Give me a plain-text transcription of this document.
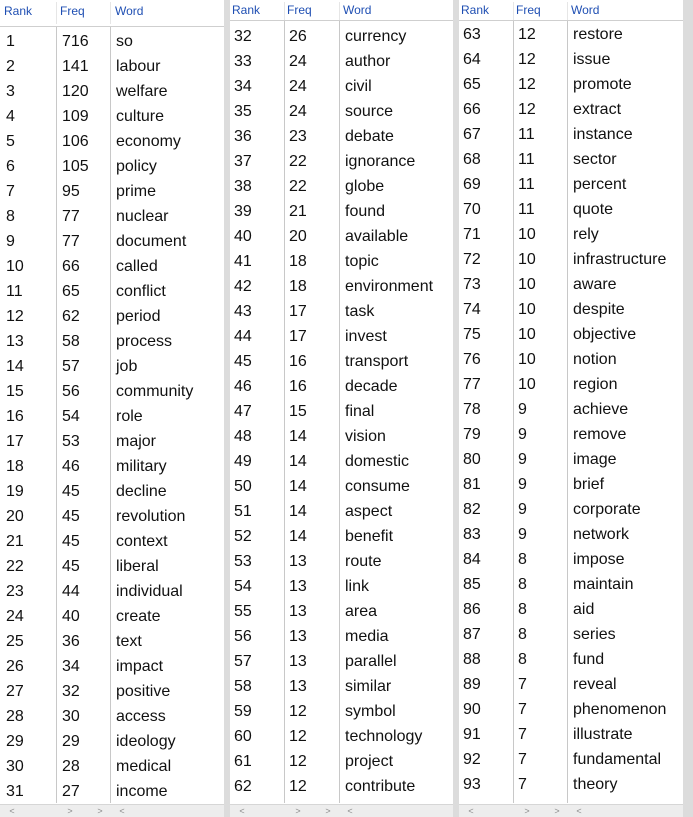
Rank Freq	Word
1	716 so
2	141 labour
3	120 welfare
4	109 culture
5	106 economy
6	105 policy
7	95 prime
8	77 nuclear
9	77 document
10 66 called
11 65 conflict
12 62 period
13 58 process
14 57 job
15 56 community
16 54 role
17 53 major
18 46 military
19 45 decline
20 45 revolution
21 45 context
22 45 liberal
23 44 individual
24 40 create
25 36 text
26 34 impact
27 32 positive
28 30 access
29 29 ideology
30 28 medical
31 27 income
<	>	>	<
Rank Freq	Word
32 26 currency
33 24 author
34 24 civil
35 24 source
36 23 debate
37 22 ignorance
38 22 globe
39 21 found
40 20 available
41 18 topic
42 18 environment
43 17 task
44 17 invest
45 16 transport
46 16 decade
47 15 final
48 14 vision
49 14 domestic
50 14 consume
51 14 aspect
52 14 benefit
53 13 route
54 13 link
55 13 area
56 13 media
57 13 parallel
58 13 similar
59 12 symbol
60 12 technology
61 12 project
62 12 contribute
<	>	>	<
Rank Freq	Word
63 12 restore
64 12 issue
65 12 promote
66 12 extract
67 11 instance
68 11 sector
69 11 percent
70 11 quote
71 10 rely
72 10 infrastructure
73 10 aware
74 10 despite
75 10 objective
76 10 notion
77 10 region
78 9	achieve
79 9	remove
80 9	image
81 9	brief
82 9	corporate
83 9	network
84 8	impose
85 8	maintain
86 8	aid
87 8	series
88 8	fund
89 7	reveal
90 7	phenomenon
91 7	illustrate
92 7	fundamental
93 7	theory
<	>	>	<
